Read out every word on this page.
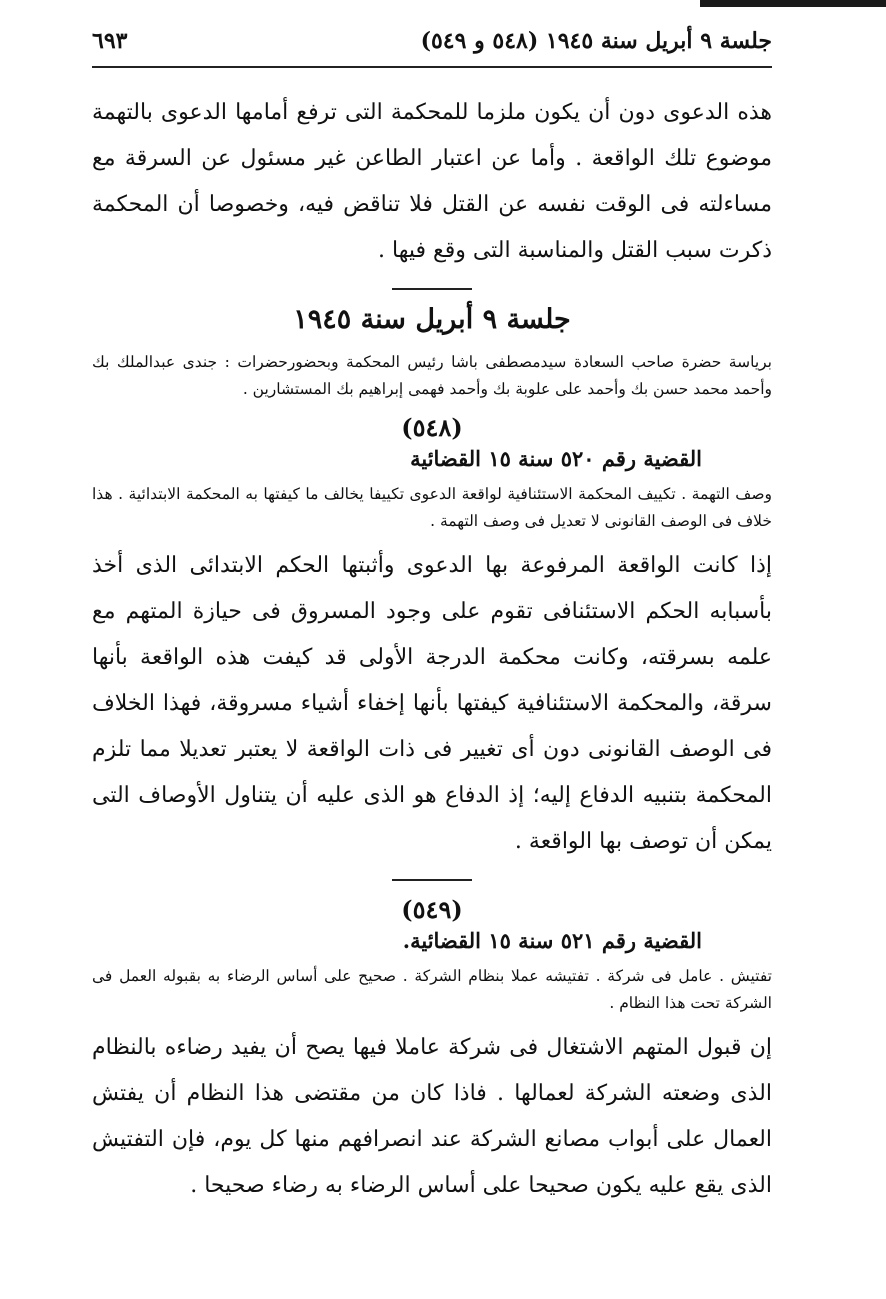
جلسة ٩ أبريل سنة ١٩٤٥ (٥٤٨ و ٥٤٩)
٦٩٣

هذه الدعوى دون أن يكون ملزما للمحكمة التى ترفع أمامها الدعوى بالتهمة موضوع تلك الواقعة . وأما عن اعتبار الطاعن غير مسئول عن السرقة مع مساءلته فى الوقت نفسه عن القتل فلا تناقض فيه، وخصوصا أن المحكمة ذكرت سبب القتل والمناسبة التى وقع فيها .

جلسة ٩ أبريل سنة ١٩٤٥

برياسة حضرة صاحب السعادة سيدمصطفى باشا رئيس المحكمة وبحضورحضرات : جندى عبدالملك بك وأحمد محمد حسن بك وأحمد على علوبة بك وأحمد فهمى إبراهيم بك المستشارين .

(٥٤٨)
القضية رقم ٥٢٠ سنة ١٥ القضائية

وصف التهمة . تكييف المحكمة الاستئنافية لواقعة الدعوى تكييفا يخالف ما كيفتها به المحكمة الابتدائية . هذا خلاف فى الوصف القانونى لا تعديل فى وصف التهمة .

إذا كانت الواقعة المرفوعة بها الدعوى وأثبتها الحكم الابتدائى الذى أخذ بأسبابه الحكم الاستئنافى تقوم على وجود المسروق فى حيازة المتهم مع علمه بسرقته، وكانت محكمة الدرجة الأولى قد كيفت هذه الواقعة بأنها سرقة، والمحكمة الاستئنافية كيفتها بأنها إخفاء أشياء مسروقة، فهذا الخلاف فى الوصف القانونى دون أى تغيير فى ذات الواقعة لا يعتبر تعديلا مما تلزم المحكمة بتنبيه الدفاع إليه؛ إذ الدفاع هو الذى عليه أن يتناول الأوصاف التى يمكن أن توصف بها الواقعة .

(٥٤٩)
القضية رقم ٥٢١ سنة ١٥ القضائية.

تفتيش . عامل فى شركة . تفتيشه عملا بنظام الشركة . صحيح على أساس الرضاء به بقبوله العمل فى الشركة تحت هذا النظام .

إن قبول المتهم الاشتغال فى شركة عاملا فيها يصح أن يفيد رضاءه بالنظام الذى وضعته الشركة لعمالها . فاذا كان من مقتضى هذا النظام أن يفتش العمال على أبواب مصانع الشركة عند انصرافهم منها كل يوم، فإن التفتيش الذى يقع عليه يكون صحيحا على أساس الرضاء به رضاء صحيحا .
